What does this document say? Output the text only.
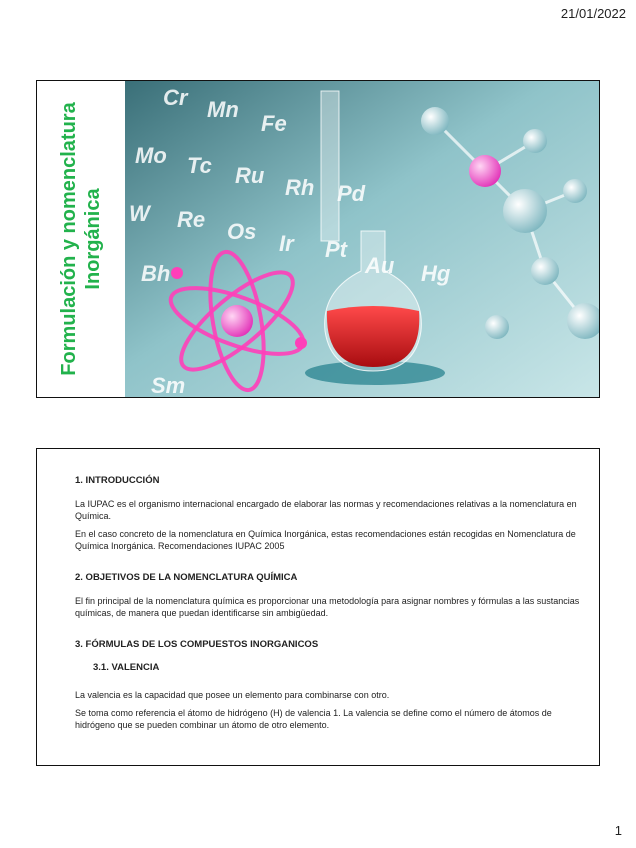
21/01/2022
Formulación y nomenclatura Inorgánica
Cr Mn
Fe
Mo Tc Ru Rh Pd
W Re Os Ir Pt
Au Hg
Bh
Sm
1. INTRODUCCIÓN

La IUPAC es el organismo internacional encargado de elaborar las normas y recomendaciones relativas a la nomenclatura en Química.

En el caso concreto de la nomenclatura en Química Inorgánica, estas recomendaciones están recogidas en Nomenclatura de Química Inorgánica. Recomendaciones IUPAC 2005

2. OBJETIVOS DE LA NOMENCLATURA QUÍMICA

El fin principal de la nomenclatura química es proporcionar una metodología para asignar nombres y fórmulas a las sustancias químicas, de manera que puedan identificarse sin ambigüedad.

3. FÓRMULAS DE LOS COMPUESTOS INORGANICOS
3.1. VALENCIA

La valencia es la capacidad que posee un elemento para combinarse con otro.

Se toma como referencia el átomo de hidrógeno (H) de valencia 1. La valencia se define como el número de átomos de hidrógeno que se pueden combinar un átomo de otro elemento.

1
